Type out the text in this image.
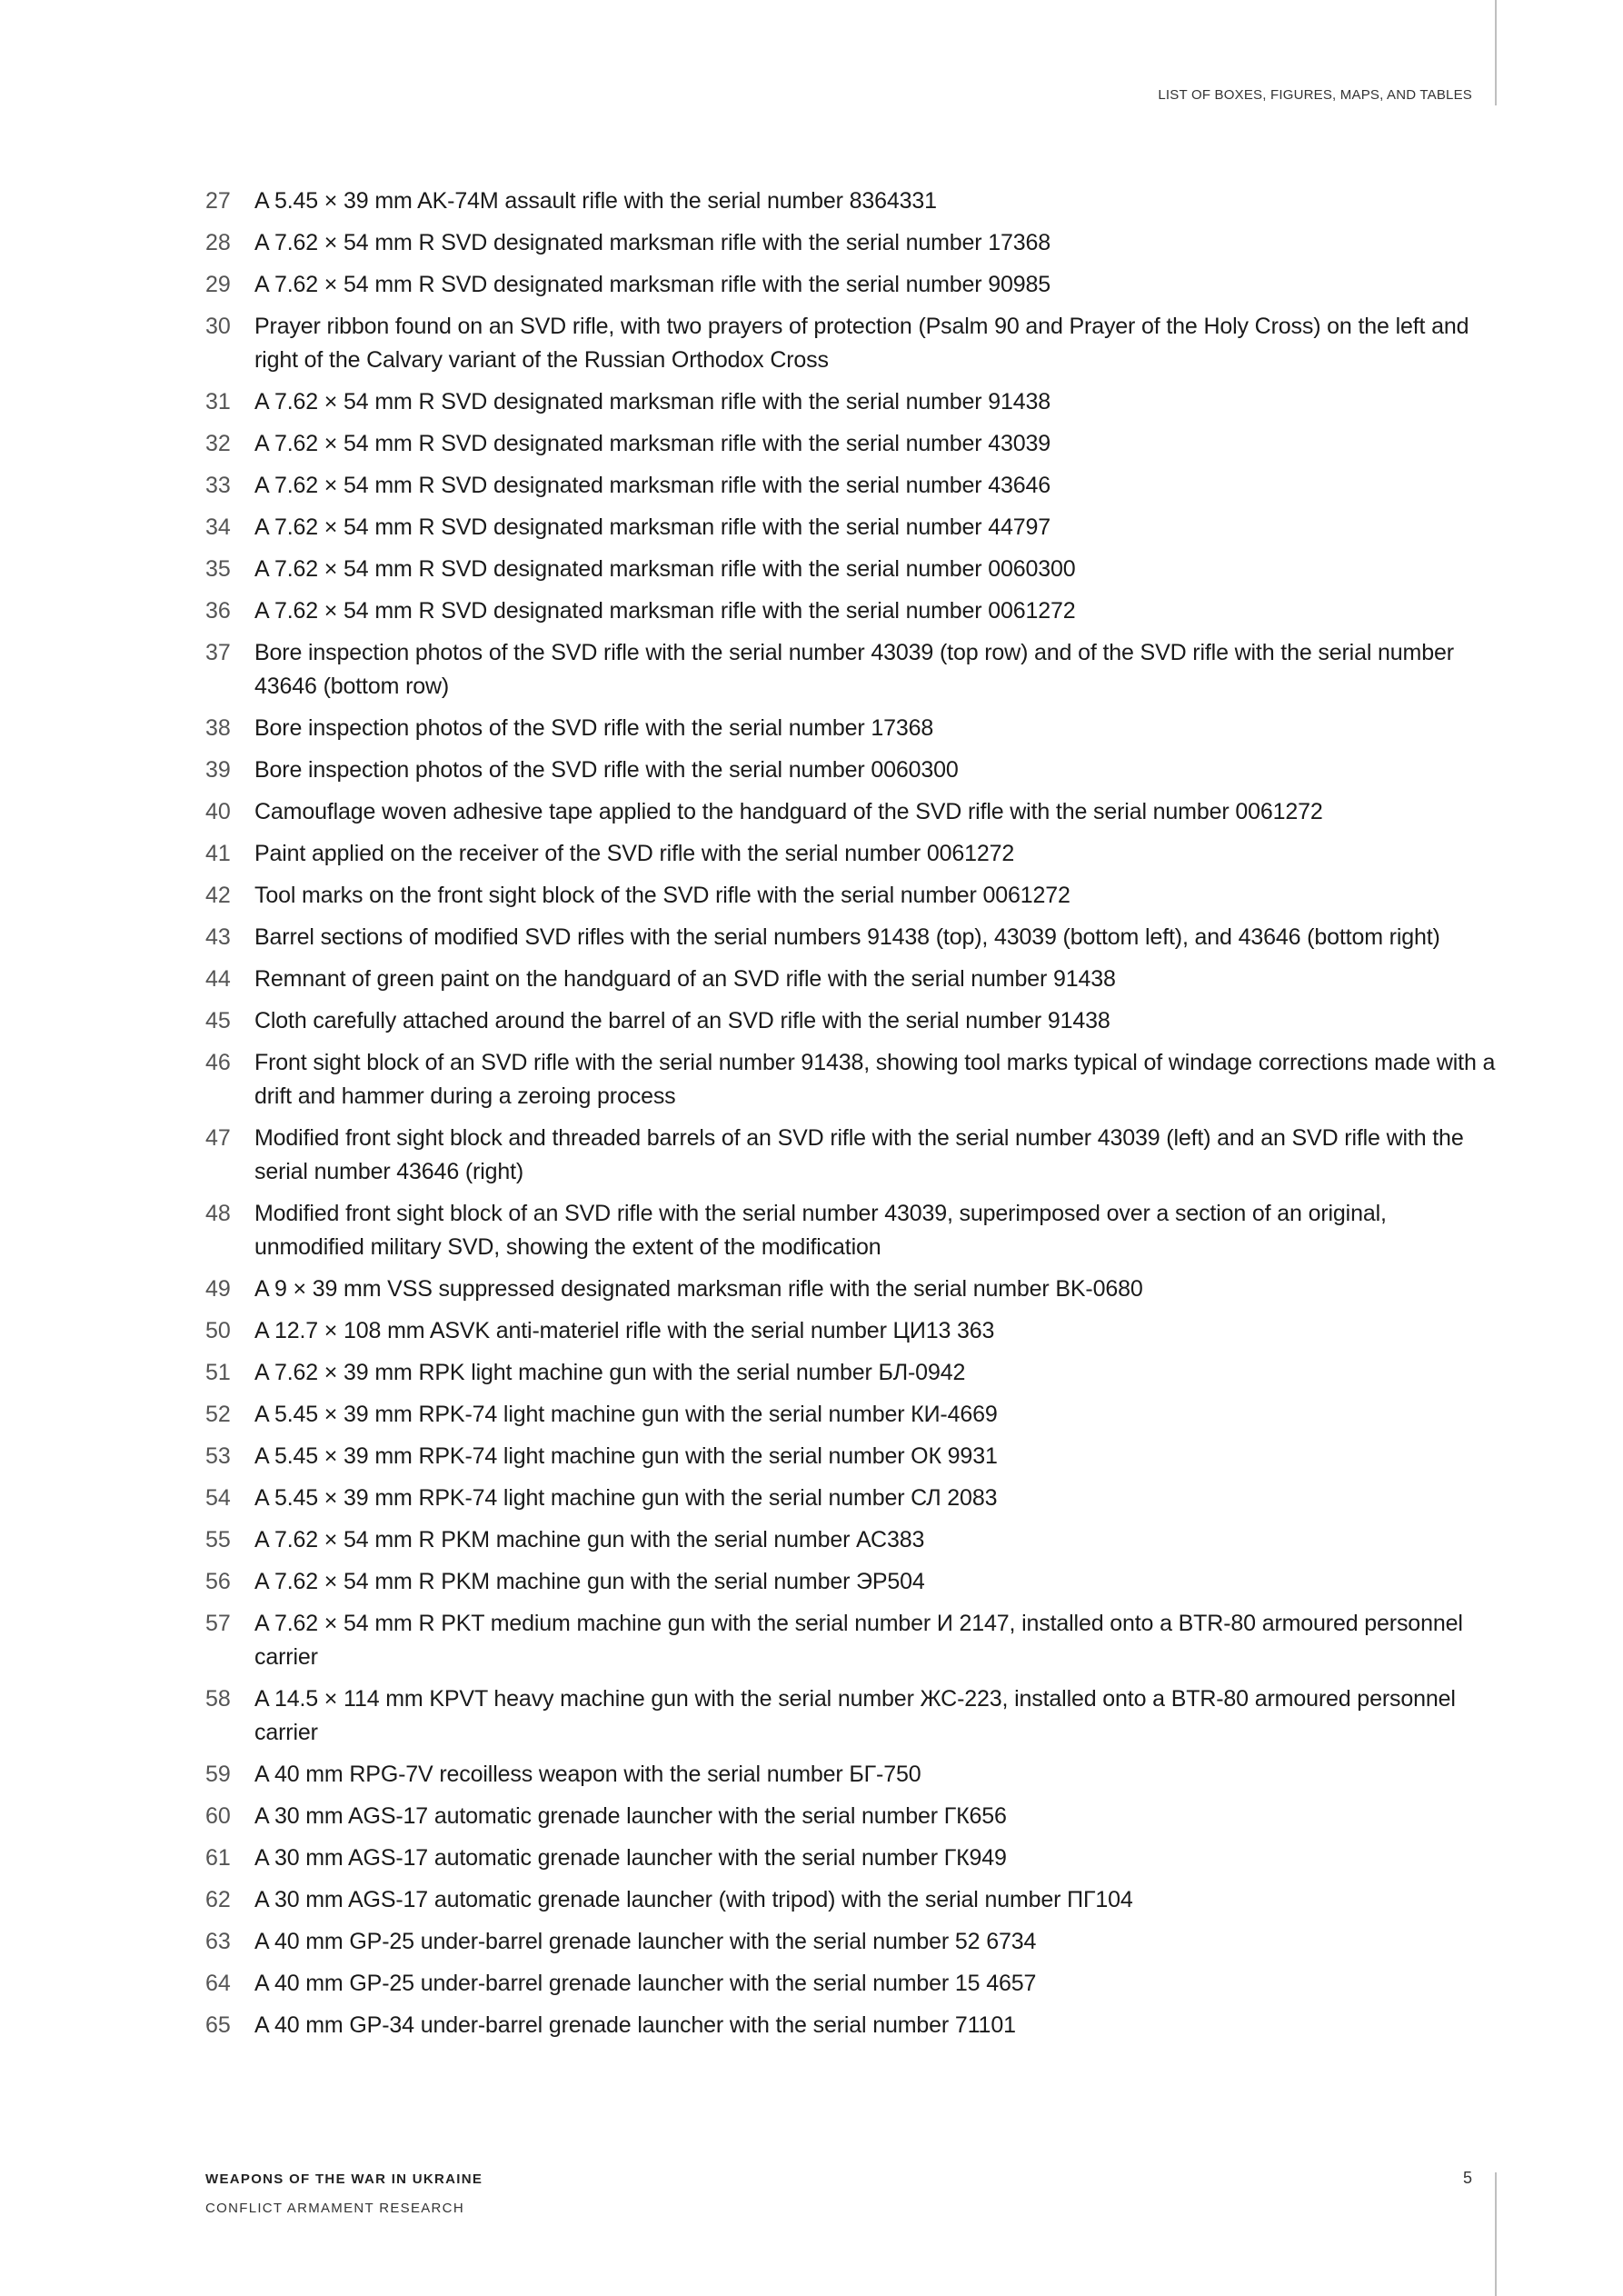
LIST OF BOXES, FIGURES, MAPS, AND TABLES
27	A 5.45 × 39 mm AK-74M assault rifle with the serial number 8364331
28	A 7.62 × 54 mm R SVD designated marksman rifle with the serial number 17368
29	A 7.62 × 54 mm R SVD designated marksman rifle with the serial number 90985
30	Prayer ribbon found on an SVD rifle, with two prayers of protection (Psalm 90 and Prayer of the Holy Cross) on the left and right of the Calvary variant of the Russian Orthodox Cross
31	A 7.62 × 54 mm R SVD designated marksman rifle with the serial number 91438
32	A 7.62 × 54 mm R SVD designated marksman rifle with the serial number 43039
33	A 7.62 × 54 mm R SVD designated marksman rifle with the serial number 43646
34	A 7.62 × 54 mm R SVD designated marksman rifle with the serial number 44797
35	A 7.62 × 54 mm R SVD designated marksman rifle with the serial number 0060300
36	A 7.62 × 54 mm R SVD designated marksman rifle with the serial number 0061272
37	Bore inspection photos of the SVD rifle with the serial number 43039 (top row) and of the SVD rifle with the serial number 43646 (bottom row)
38	Bore inspection photos of the SVD rifle with the serial number 17368
39	Bore inspection photos of the SVD rifle with the serial number 0060300
40	Camouflage woven adhesive tape applied to the handguard of the SVD rifle with the serial number 0061272
41	Paint applied on the receiver of the SVD rifle with the serial number 0061272
42	Tool marks on the front sight block of the SVD rifle with the serial number 0061272
43	Barrel sections of modified SVD rifles with the serial numbers 91438 (top), 43039 (bottom left), and 43646 (bottom right)
44	Remnant of green paint on the handguard of an SVD rifle with the serial number 91438
45	Cloth carefully attached around the barrel of an SVD rifle with the serial number 91438
46	Front sight block of an SVD rifle with the serial number 91438, showing tool marks typical of windage corrections made with a drift and hammer during a zeroing process
47	Modified front sight block and threaded barrels of an SVD rifle with the serial number 43039 (left) and an SVD rifle with the serial number 43646 (right)
48	Modified front sight block of an SVD rifle with the serial number 43039, superimposed over a section of an original, unmodified military SVD, showing the extent of the modification
49	A 9 × 39 mm VSS suppressed designated marksman rifle with the serial number BK-0680
50	A 12.7 × 108 mm ASVK anti-materiel rifle with the serial number ЦИ13 363
51	A 7.62 × 39 mm RPK light machine gun with the serial number БЛ-0942
52	A 5.45 × 39 mm RPK-74 light machine gun with the serial number КИ-4669
53	A 5.45 × 39 mm RPK-74 light machine gun with the serial number ОК 9931
54	A 5.45 × 39 mm RPK-74 light machine gun with the serial number СЛ 2083
55	A 7.62 × 54 mm R PKM machine gun with the serial number АС383
56	A 7.62 × 54 mm R PKM machine gun with the serial number ЭР504
57	A 7.62 × 54 mm R PKT medium machine gun with the serial number И 2147, installed onto a BTR-80 armoured personnel carrier
58	A 14.5 × 114 mm KPVT heavy machine gun with the serial number ЖС-223, installed onto a BTR-80 armoured personnel carrier
59	A 40 mm RPG-7V recoilless weapon with the serial number БГ-750
60	A 30 mm AGS-17 automatic grenade launcher with the serial number ГК656
61	A 30 mm AGS-17 automatic grenade launcher with the serial number ГК949
62	A 30 mm AGS-17 automatic grenade launcher (with tripod) with the serial number ПГ104
63	A 40 mm GP-25 under-barrel grenade launcher with the serial number 52 6734
64	A 40 mm GP-25 under-barrel grenade launcher with the serial number 15 4657
65	A 40 mm GP-34 under-barrel grenade launcher with the serial number 71101
WEAPONS OF THE WAR IN UKRAINE
CONFLICT ARMAMENT RESEARCH
5
